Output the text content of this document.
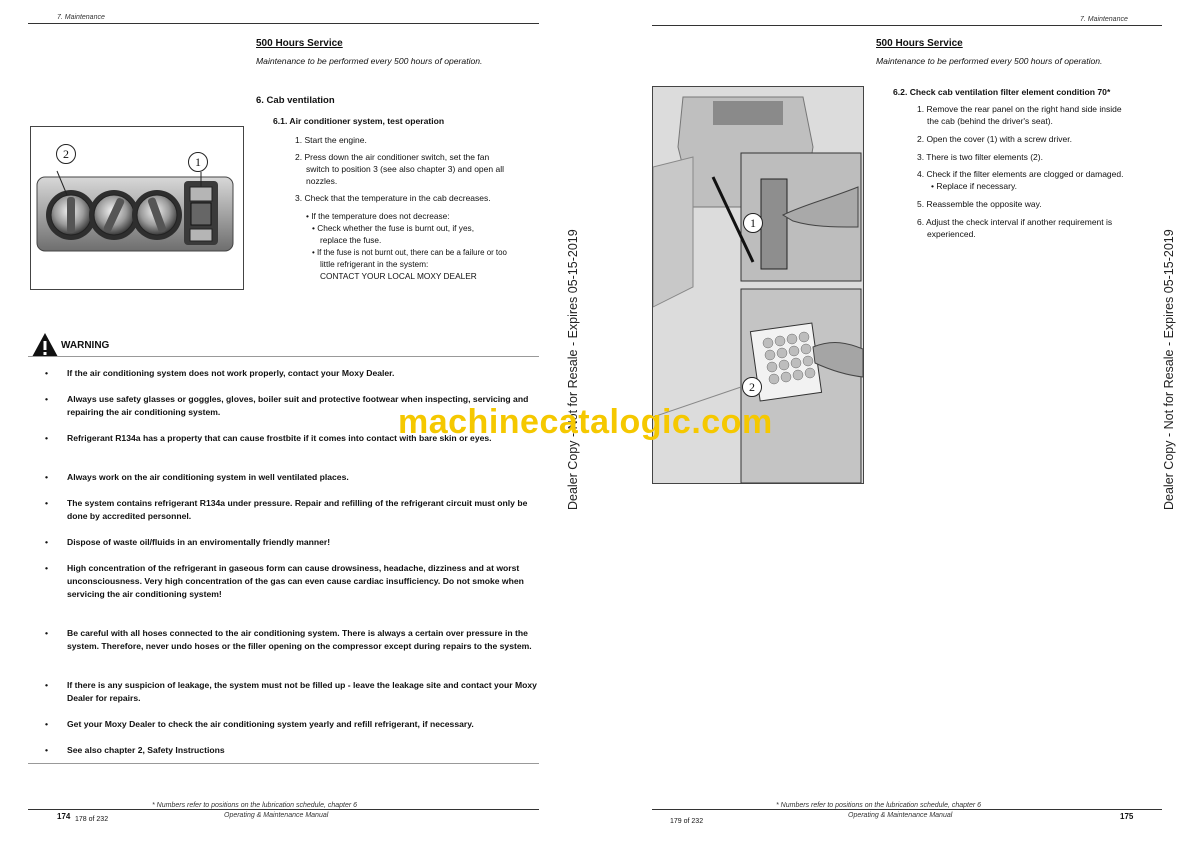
7. Maintenance
500 Hours Service
Maintenance to be performed every 500 hours of operation.
6. Cab ventilation
6.1. Air conditioner system, test operation
1. Start the engine.
2. Press down the air conditioner switch, set the fan
switch to position 3 (see also chapter 3) and open all
nozzles.
3. Check that the temperature in the cab decreases.
• If the temperature does not decrease:
• Check whether the fuse is burnt out, if yes,
replace the fuse.
• If the fuse is not burnt out, there can be a failure or too
little refrigerant in the system:
CONTACT YOUR LOCAL MOXY DEALER
2
1
WARNING
• If the air conditioning system does not work properly, contact your Moxy Dealer.
• Always use safety glasses or goggles, gloves, boiler suit and protective footwear when inspecting, servicing and repairing the air conditioning system.
• Refrigerant R134a has a property that can cause frostbite if it comes into contact with bare skin or eyes.
• Always work on the air conditioning system in well ventilated places.
• The system contains refrigerant R134a under pressure. Repair and refilling of the refrigerant circuit must only be done by accredited personnel.
• Dispose of waste oil/fluids in an enviromentally friendly manner!
• High concentration of the refrigerant in gaseous form can cause drowsiness, headache, dizziness and at worst unconsciousness. Very high concentration of the gas can even cause cardiac insufficiency. Do not smoke when servicing the air conditioning system!
• Be careful with all hoses connected to the air conditioning system. There is always a certain over pressure in the system. Therefore, never undo hoses or the filler opening on the compressor except during repairs to the system.
• If there is any suspicion of leakage, the system must not be filled up - leave the leakage site and contact your Moxy Dealer for repairs.
• Get your Moxy Dealer to check the air conditioning system yearly and refill refrigerant, if necessary.
• See also chapter 2, Safety Instructions
* Numbers refer to positions on the lubrication schedule, chapter 6
174 178 of 232
Operating & Maintenance Manual
Dealer Copy - Not for Resale - Expires 05-15-2019
7. Maintenance
500 Hours Service
Maintenance to be performed every 500 hours of operation.
6.2. Check cab ventilation filter element condition 70*
1. Remove the rear panel on the right hand side inside
the cab (behind the driver's seat).
2. Open the cover (1) with a screw driver.
3. There is two filter elements (2).
4. Check if the filter elements are clogged or damaged.
• Replace if necessary.
5. Reassemble the opposite way.
6. Adjust the check interval if another requirement is
experienced.
1
2
* Numbers refer to positions on the lubrication schedule, chapter 6
179 of 232
Operating & Maintenance Manual	175
Dealer Copy - Not for Resale - Expires 05-15-2019
machinecatalogic.com
